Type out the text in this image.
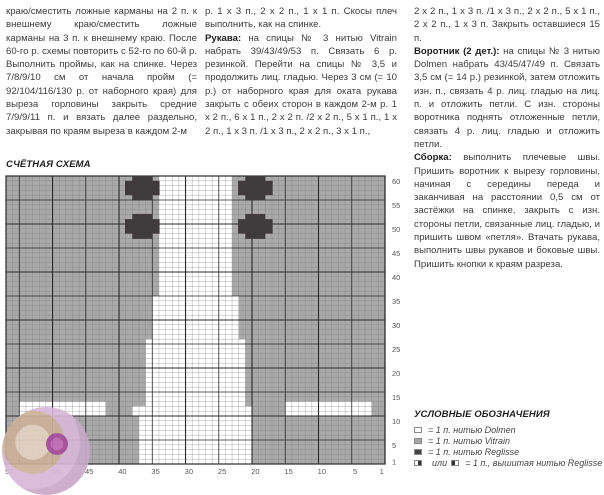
краю/сместить ложные карманы на 2 п. к внешнему краю/сместить ложные карманы на 3 п. к внешнему краю. После 60-го р. схемы повторить с 52-го по 60-й р. Выполнить проймы, как на спинке. Через 7/8/9/10 см от начала пройм (= 92/104/116/130 р. от наборного края) для выреза горловины закрыть средние 7/9/9/11 п. и вязать далее раздельно, закрывая по краям выреза в каждом 2-м

р. 1 x 3 п., 2 x 2 п., 1 x 1 п. Скосы плеч выполнить, как на спинке.

Рукава: на спицы № 3 нитью Vitrain набрать 39/43/49/53 п. Связать 6 р. резинкой. Перейти на спицы № 3,5 и продолжить лиц. гладью. Через 3 см (= 10 р.) от наборного края для оката рукава закрыть с обеих сторон в каждом 2-м р. 1 x 2 п., 6 x 1 п., 2 x 2 п. /2 x 2 п., 5 x 1 п., 1 x 2 п., 1 x 3 п. /1 x 3 п., 2 x 2 п., 3 x 1 п.,

2 x 2 п., 1 x 3 п. /1 x 3 п., 2 x 2 п., 5 x 1 п., 2 x 2 п., 1 x 3 п. Закрыть оставшиеся 15 п.

Воротник (2 дет.): на спицы № 3 нитью Dolmen набрать 43/45/47/49 п. Связать 3,5 см (= 14 р.) резинкой, затем отложить изн. п., связать 4 р. лиц. гладью на лиц. п. и отложить петли. С изн. стороны воротника поднять отложенные петли, связать 4 р. лиц. гладью и отложить петли.

Сборка: выполнить плечевые швы. Пришить воротник к вырезу горловины, начиная с середины переда и заканчивая на расстоянии 0,5 см от застёжки на спинке, закрыть с изн. стороны петли, связанные лиц. гладью, и пришить швом «петля». Втачать рукава, выполнить швы рукавов и боковые швы. Пришить кнопки к краям разреза.

СЧЁТНАЯ СХЕМА
60
55
50
45
40
35
30
25
20
15
10
5
1
45	40	35	30	25	20	15	10	5	1
УСЛОВНЫЕ ОБОЗНАЧЕНИЯ
= 1 п. нитью Dolmen
= 1 п. нитью Vitrain
= 1 п. нитью Reglisse
или = 1 п., вышитая нитью Reglisse
